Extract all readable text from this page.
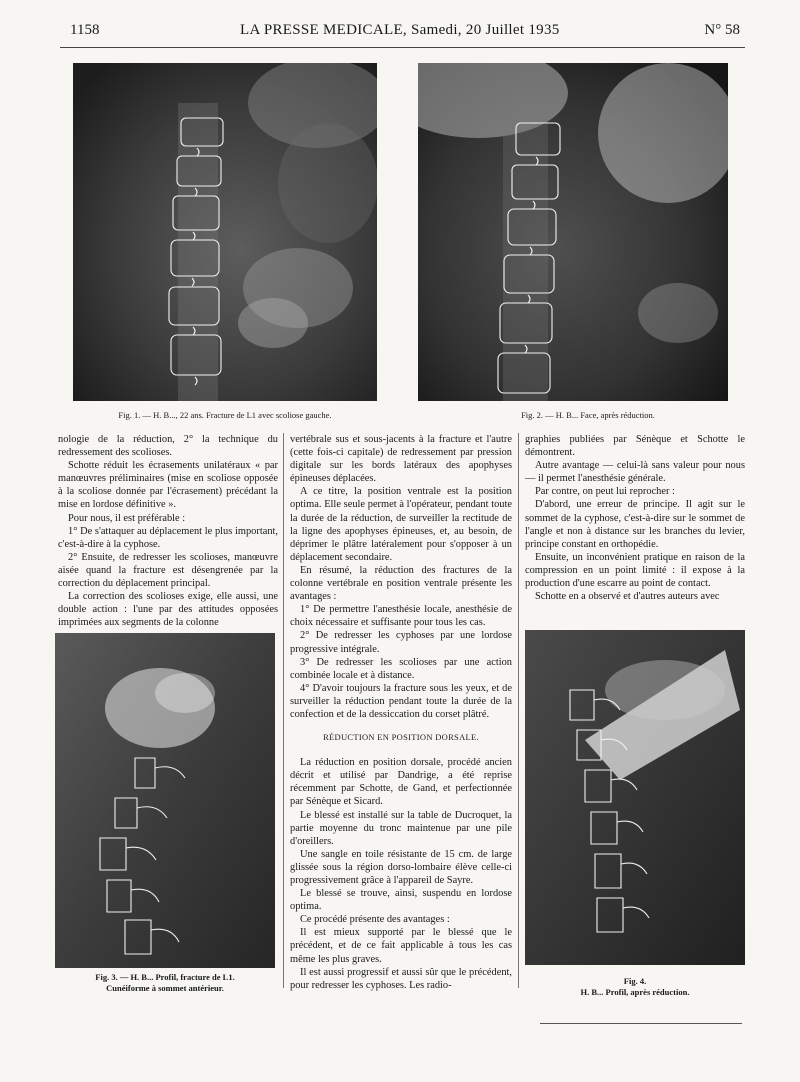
1158	LA PRESSE MEDICALE, Samedi, 20 Juillet 1935	N° 58
Fig. 1. — H. B..., 22 ans. Fracture de L1 avec scoliose gauche.	Fig. 2. — H. B... Face, après réduction.

nologie de la réduction, 2° la technique du redressement des scolioses.

Schotte réduit les écrasements unilatéraux « par manœuvres préliminaires (mise en scoliose opposée à la scoliose donnée par l'écrasement) précédant la mise en lordose définitive ».

Pour nous, il est préférable :

1° De s'attaquer au déplacement le plus important, c'est-à-dire à la cyphose.

2° Ensuite, de redresser les scolioses, manœuvre aisée quand la fracture est désengrenée par la correction du déplacement principal.

La correction des scolioses exige, elle aussi, une double action : l'une par des attitudes opposées imprimées aux segments de la colonne

Fig. 3. — H. B... Profil, fracture de L1.
Cunéiforme à sommet antérieur.

vertébrale sus et sous-jacents à la fracture et l'autre (cette fois-ci capitale) de redressement par pression digitale sur les bords latéraux des apophyses épineuses déplacées.

A ce titre, la position ventrale est la position optima. Elle seule permet à l'opérateur, pendant toute la durée de la réduction, de surveiller la rectitude de la ligne des apophyses épineuses, et, au besoin, de déprimer le plâtre latéralement pour s'opposer à un déplacement secondaire.

En résumé, la réduction des fractures de la colonne vertébrale en position ventrale présente les avantages :

1° De permettre l'anesthésie locale, anesthésie de choix nécessaire et suffisante pour tous les cas.

2° De redresser les cyphoses par une lordose progressive intégrale.

3° De redresser les scolioses par une action combinée locale et à distance.

4° D'avoir toujours la fracture sous les yeux, et de surveiller la réduction pendant toute la durée de la confection et de la dessiccation du corset plâtré.

RÉDUCTION EN POSITION DORSALE.

La réduction en position dorsale, procédé ancien décrit et utilisé par Dandrige, a été reprise récemment par Schotte, de Gand, et perfectionnée par Sénèque et Sicard.

Le blessé est installé sur la table de Ducroquet, la partie moyenne du tronc maintenue par une pile d'oreillers.

Une sangle en toile résistante de 15 cm. de large glissée sous la région dorso-lombaire élève celle-ci progressivement grâce à l'appareil de Sayre.

Le blessé se trouve, ainsi, suspendu en lordose optima.

Ce procédé présente des avantages :

Il est mieux supporté par le blessé que le précédent, et de ce fait applicable à tous les cas même les plus graves.

Il est aussi progressif et aussi sûr que le précédent, pour redresser les cyphoses. Les radio-

graphies publiées par Sénèque et Schotte le démontrent.

Autre avantage — celui-là sans valeur pour nous — il permet l'anesthésie générale.

Par contre, on peut lui reprocher :

D'abord, une erreur de principe. Il agit sur le sommet de la cyphose, c'est-à-dire sur le sommet de l'angle et non à distance sur les branches du levier, principe constant en orthopédie.

Ensuite, un inconvénient pratique en raison de la compression en un point limité : il expose à la production d'une escarre au point de contact.

Schotte en a observé et d'autres auteurs avec

Fig. 4.
H. B... Profil, après réduction.
